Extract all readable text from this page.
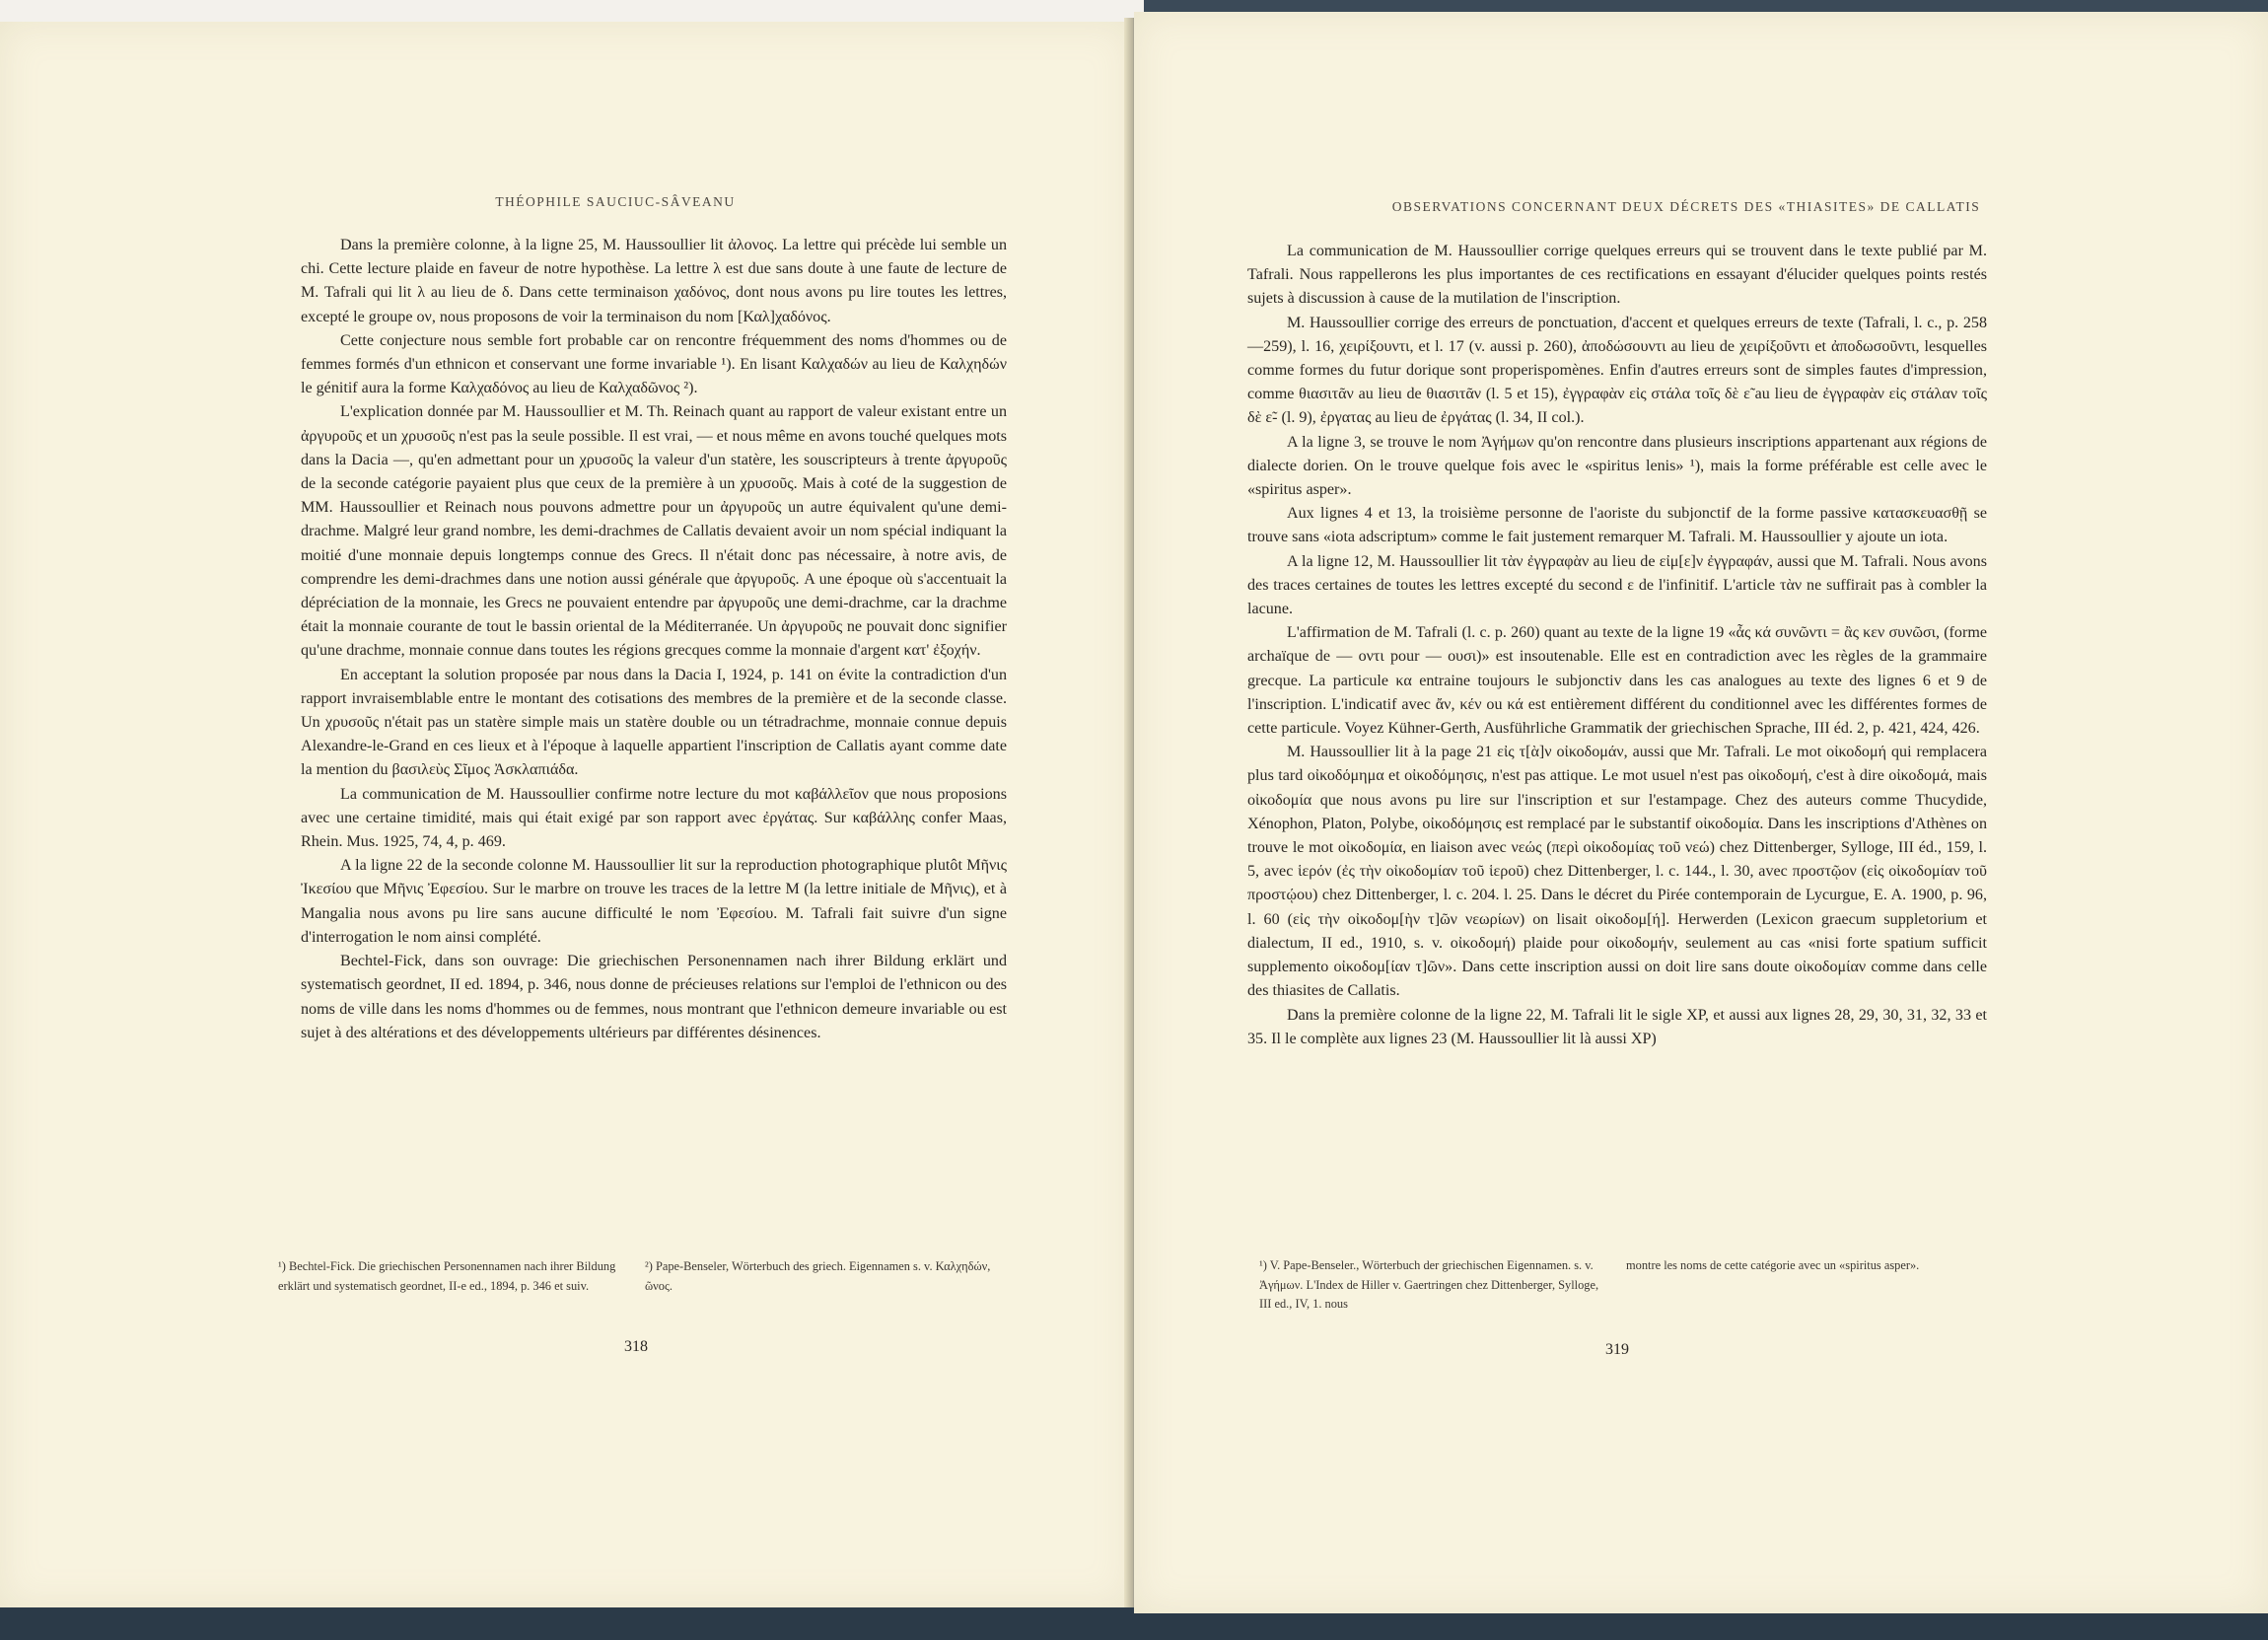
THÉOPHILE SAUCIUC-SÂVEANU

Dans la première colonne, à la ligne 25, M. Haussoullier lit ἀλονος. La lettre qui précède lui semble un chi. Cette lecture plaide en faveur de notre hypothèse. La lettre λ est due sans doute à une faute de lecture de M. Tafrali qui lit λ au lieu de δ. Dans cette terminaison χαδόνος, dont nous avons pu lire toutes les lettres, excepté le groupe ον, nous proposons de voir la terminaison du nom [Καλ]χαδόνος.

Cette conjecture nous semble fort probable car on rencontre fréquemment des noms d'hommes ou de femmes formés d'un ethnicon et conservant une forme invariable ¹). En lisant Καλχαδών au lieu de Καλχηδών le génitif aura la forme Καλχαδόνος au lieu de Καλχαδῶνος ²).

L'explication donnée par M. Haussoullier et M. Th. Reinach quant au rapport de valeur existant entre un ἀργυροῦς et un χρυσοῦς n'est pas la seule possible. Il est vrai, — et nous même en avons touché quelques mots dans la Dacia —, qu'en admettant pour un χρυσοῦς la valeur d'un statère, les souscripteurs à trente ἀργυροῦς de la seconde catégorie payaient plus que ceux de la première à un χρυσοῦς. Mais à coté de la suggestion de MM. Haussoullier et Reinach nous pouvons admettre pour un ἀργυροῦς un autre équivalent qu'une demi-drachme. Malgré leur grand nombre, les demi-drachmes de Callatis devaient avoir un nom spécial indiquant la moitié d'une monnaie depuis longtemps connue des Grecs. Il n'était donc pas nécessaire, à notre avis, de comprendre les demi-drachmes dans une notion aussi générale que ἀργυροῦς. A une époque où s'accentuait la dépréciation de la monnaie, les Grecs ne pouvaient entendre par ἀργυροῦς une demi-drachme, car la drachme était la monnaie courante de tout le bassin oriental de la Méditerranée. Un ἀργυροῦς ne pouvait donc signifier qu'une drachme, monnaie connue dans toutes les régions grecques comme la monnaie d'argent κατ' ἐξοχήν.

En acceptant la solution proposée par nous dans la Dacia I, 1924, p. 141 on évite la contradiction d'un rapport invraisemblable entre le montant des cotisations des membres de la première et de la seconde classe. Un χρυσοῦς n'était pas un statère simple mais un statère double ou un tétradrachme, monnaie connue depuis Alexandre-le-Grand en ces lieux et à l'époque à laquelle appartient l'inscription de Callatis ayant comme date la mention du βασιλεὺς Σῖμος Ἀσκλαπιάδα.

La communication de M. Haussoullier confirme notre lecture du mot καβάλλεῖον que nous proposions avec une certaine timidité, mais qui était exigé par son rapport avec ἐργάτας. Sur καβάλλης confer Maas, Rhein. Mus. 1925, 74, 4, p. 469.

A la ligne 22 de la seconde colonne M. Haussoullier lit sur la reproduction photographique plutôt Μῆνις Ἰκεσίου que Μῆνις Ἐφεσίου. Sur le marbre on trouve les traces de la lettre M (la lettre initiale de Μῆνις), et à Mangalia nous avons pu lire sans aucune difficulté le nom Ἐφεσίου. M. Tafrali fait suivre d'un signe d'interrogation le nom ainsi complété.

Bechtel-Fick, dans son ouvrage: Die griechischen Personennamen nach ihrer Bildung erklärt und systematisch geordnet, II ed. 1894, p. 346, nous donne de précieuses relations sur l'emploi de l'ethnicon ou des noms de ville dans les noms d'hommes ou de femmes, nous montrant que l'ethnicon demeure invariable ou est sujet à des altérations et des développements ultérieurs par différentes désinences.

¹) Bechtel-Fick. Die griechischen Personennamen nach ihrer Bildung erklärt und systematisch geordnet, II-e ed., 1894, p. 346 et suiv.
²) Pape-Benseler, Wörterbuch des griech. Eigennamen s. v. Καλχηδών, ῶνος.
318
OBSERVATIONS CONCERNANT DEUX DÉCRETS DES «THIASITES» DE CALLATIS

La communication de M. Haussoullier corrige quelques erreurs qui se trouvent dans le texte publié par M. Tafrali. Nous rappellerons les plus importantes de ces rectifications en essayant d'élucider quelques points restés sujets à discussion à cause de la mutilation de l'inscription.

M. Haussoullier corrige des erreurs de ponctuation, d'accent et quelques erreurs de texte (Tafrali, l. c., p. 258—259), l. 16, χειρίξουντι, et l. 17 (v. aussi p. 260), ἀποδώσουντι au lieu de χειρίξοῦντι et ἀποδωσοῦντι, lesquelles comme formes du futur dorique sont properispomènes. Enfin d'autres erreurs sont de simples fautes d'impression, comme θιασιτᾶν au lieu de θιασιτᾶν (l. 5 et 15), ἐγγραφὰν εἰς στάλα τοῖς δὲ ε̃ au lieu de ἐγγραφὰν εἰς στάλαν τοῖς δὲ ε̃- (l. 9), ἐργατας au lieu de ἐργάτας (l. 34, II col.).

A la ligne 3, se trouve le nom Ἀγήμων qu'on rencontre dans plusieurs inscriptions appartenant aux régions de dialecte dorien. On le trouve quelque fois avec le «spiritus lenis» ¹), mais la forme préférable est celle avec le «spiritus asper».

Aux lignes 4 et 13, la troisième personne de l'aoriste du subjonctif de la forme passive κατασκευασθῇ se trouve sans «iota adscriptum» comme le fait justement remarquer M. Tafrali. M. Haussoullier y ajoute un iota.

A la ligne 12, M. Haussoullier lit τὰν ἐγγραφὰν au lieu de εἰμ[ε]ν ἐγγραφάν, aussi que M. Tafrali. Nous avons des traces certaines de toutes les lettres excepté du second ε de l'infinitif. L'article τὰν ne suffirait pas à combler la lacune.

L'affirmation de M. Tafrali (l. c. p. 260) quant au texte de la ligne 19 «ἆς κά συνῶντι = ἂς κεν συνῶσι, (forme archaïque de — οντι pour — ουσι)» est insoutenable. Elle est en contradiction avec les règles de la grammaire grecque. La particule κα entraine toujours le subjonctiv dans les cas analogues au texte des lignes 6 et 9 de l'inscription. L'indicatif avec ἄν, κέν ou κά est entièrement différent du conditionnel avec les différentes formes de cette particule. Voyez Kühner-Gerth, Ausführliche Grammatik der griechischen Sprache, III éd. 2, p. 421, 424, 426.

M. Haussoullier lit à la page 21 εἰς τ[ὰ]ν οἰκοδομάν, aussi que Mr. Tafrali. Le mot οἰκοδομή qui remplacera plus tard οἰκοδόμημα et οἰκοδόμησις, n'est pas attique. Le mot usuel n'est pas οἰκοδομή, c'est à dire οἰκοδομά, mais οἰκοδομία que nous avons pu lire sur l'inscription et sur l'estampage. Chez des auteurs comme Thucydide, Xénophon, Platon, Polybe, οἰκοδόμησις est remplacé par le substantif οἰκοδομία. Dans les inscriptions d'Athènes on trouve le mot οἰκοδομία, en liaison avec νεώς (περὶ οἰκοδομίας τοῦ νεώ) chez Dittenberger, Sylloge, III éd., 159, l. 5, avec ἱερόν (ἐς τὴν οἰκοδομίαν τοῦ ἱεροῦ) chez Dittenberger, l. c. 144., l. 30, avec προστῷον (εἰς οἰκοδομίαν τοῦ προστῴου) chez Dittenberger, l. c. 204. l. 25. Dans le décret du Pirée contemporain de Lycurgue, E. A. 1900, p. 96, l. 60 (εἰς τὴν οἰκοδομ[ὴν τ]ῶν νεωρίων) on lisait οἰκοδομ[ή]. Herwerden (Lexicon graecum suppletorium et dialectum, II ed., 1910, s. v. οἰκοδομή) plaide pour οἰκοδομήν, seulement au cas «nisi forte spatium sufficit supplemento οἰκοδομ[ίαν τ]ῶν». Dans cette inscription aussi on doit lire sans doute οἰκοδομίαν comme dans celle des thiasites de Callatis.

Dans la première colonne de la ligne 22, M. Tafrali lit le sigle XP, et aussi aux lignes 28, 29, 30, 31, 32, 33 et 35. Il le complète aux lignes 23 (M. Haussoullier lit là aussi XP)

¹) V. Pape-Benseler., Wörterbuch der griechischen Eigennamen. s. v. Ἀγήμων. L'Index de Hiller v. Gaertringen chez Dittenberger, Sylloge, III ed., IV, 1. nous
montre les noms de cette catégorie avec un «spiritus asper».
319
